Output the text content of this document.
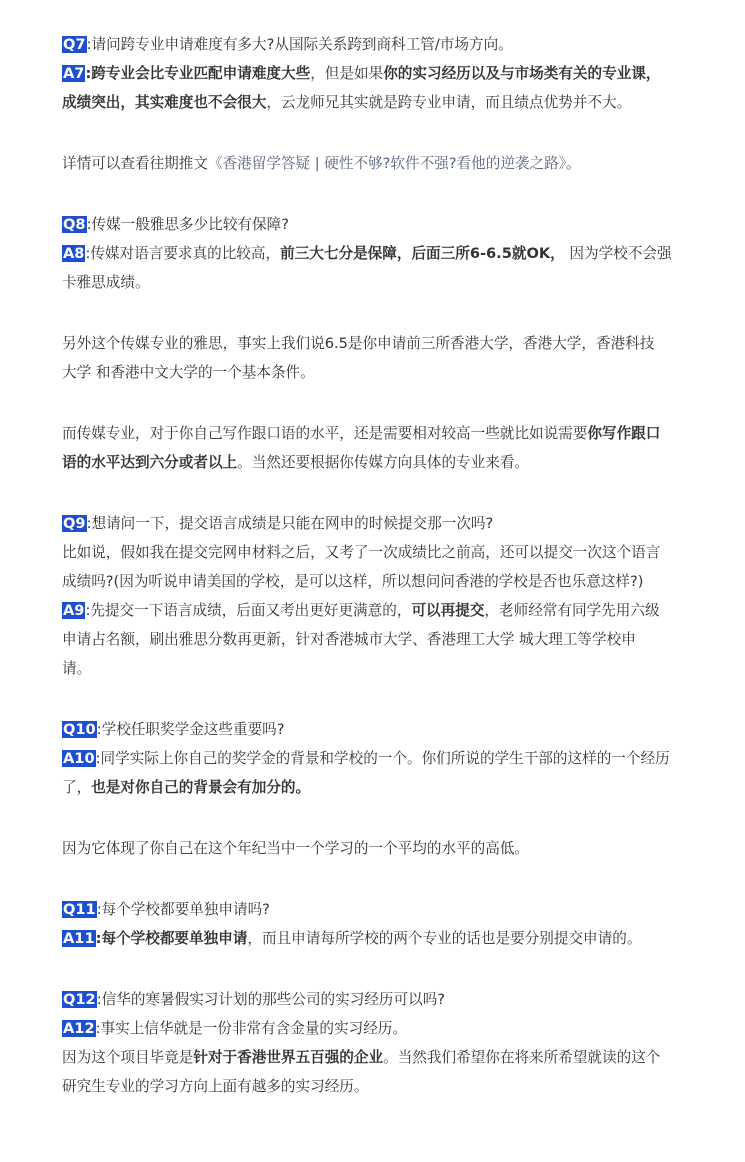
Q7:请问跨专业申请难度有多大?从国际关系跨到商科工管/市场方向。
A7:跨专业会比专业匹配申请难度大些，但是如果你的实习经历以及与市场类有关的专业课，
成绩突出，其实难度也不会很大，云龙师兄其实就是跨专业申请，而且绩点优势并不大。
详情可以查看往期推文《香港留学答疑 | 硬性不够?软件不强?看他的逆袭之路》。
Q8:传媒一般雅思多少比较有保障?
A8:传媒对语言要求真的比较高，前三大七分是保障，后面三所6-6.5就OK， 因为学校不会强
卡雅思成绩。
另外这个传媒专业的雅思，事实上我们说6.5是你申请前三所香港大学，香港大学，香港科技
大学 和香港中文大学的一个基本条件。
而传媒专业，对于你自己写作跟口语的水平，还是需要相对较高一些就比如说需要你写作跟口
语的水平达到六分或者以上。当然还要根据你传媒方向具体的专业来看。
Q9:想请问一下，提交语言成绩是只能在网申的时候提交那一次吗?
比如说，假如我在提交完网申材料之后，又考了一次成绩比之前高，还可以提交一次这个语言
成绩吗?(因为听说申请美国的学校，是可以这样，所以想问问香港的学校是否也乐意这样?)
A9:先提交一下语言成绩，后面又考出更好更满意的，可以再提交，老师经常有同学先用六级
申请占名额，刷出雅思分数再更新，针对香港城市大学、香港理工大学 城大理工等学校申
请。
Q10:学校任职奖学金这些重要吗?
A10:同学实际上你自己的奖学金的背景和学校的一个。你们所说的学生干部的这样的一个经历
了，也是对你自己的背景会有加分的。
因为它体现了你自己在这个年纪当中一个学习的一个平均的水平的高低。
Q11:每个学校都要单独申请吗?
A11:每个学校都要单独申请，而且申请每所学校的两个专业的话也是要分别提交申请的。
Q12:信华的寒暑假实习计划的那些公司的实习经历可以吗?
A12:事实上信华就是一份非常有含金量的实习经历。
因为这个项目毕竟是针对于香港世界五百强的企业。当然我们希望你在将来所希望就读的这个
研究生专业的学习方向上面有越多的实习经历。
